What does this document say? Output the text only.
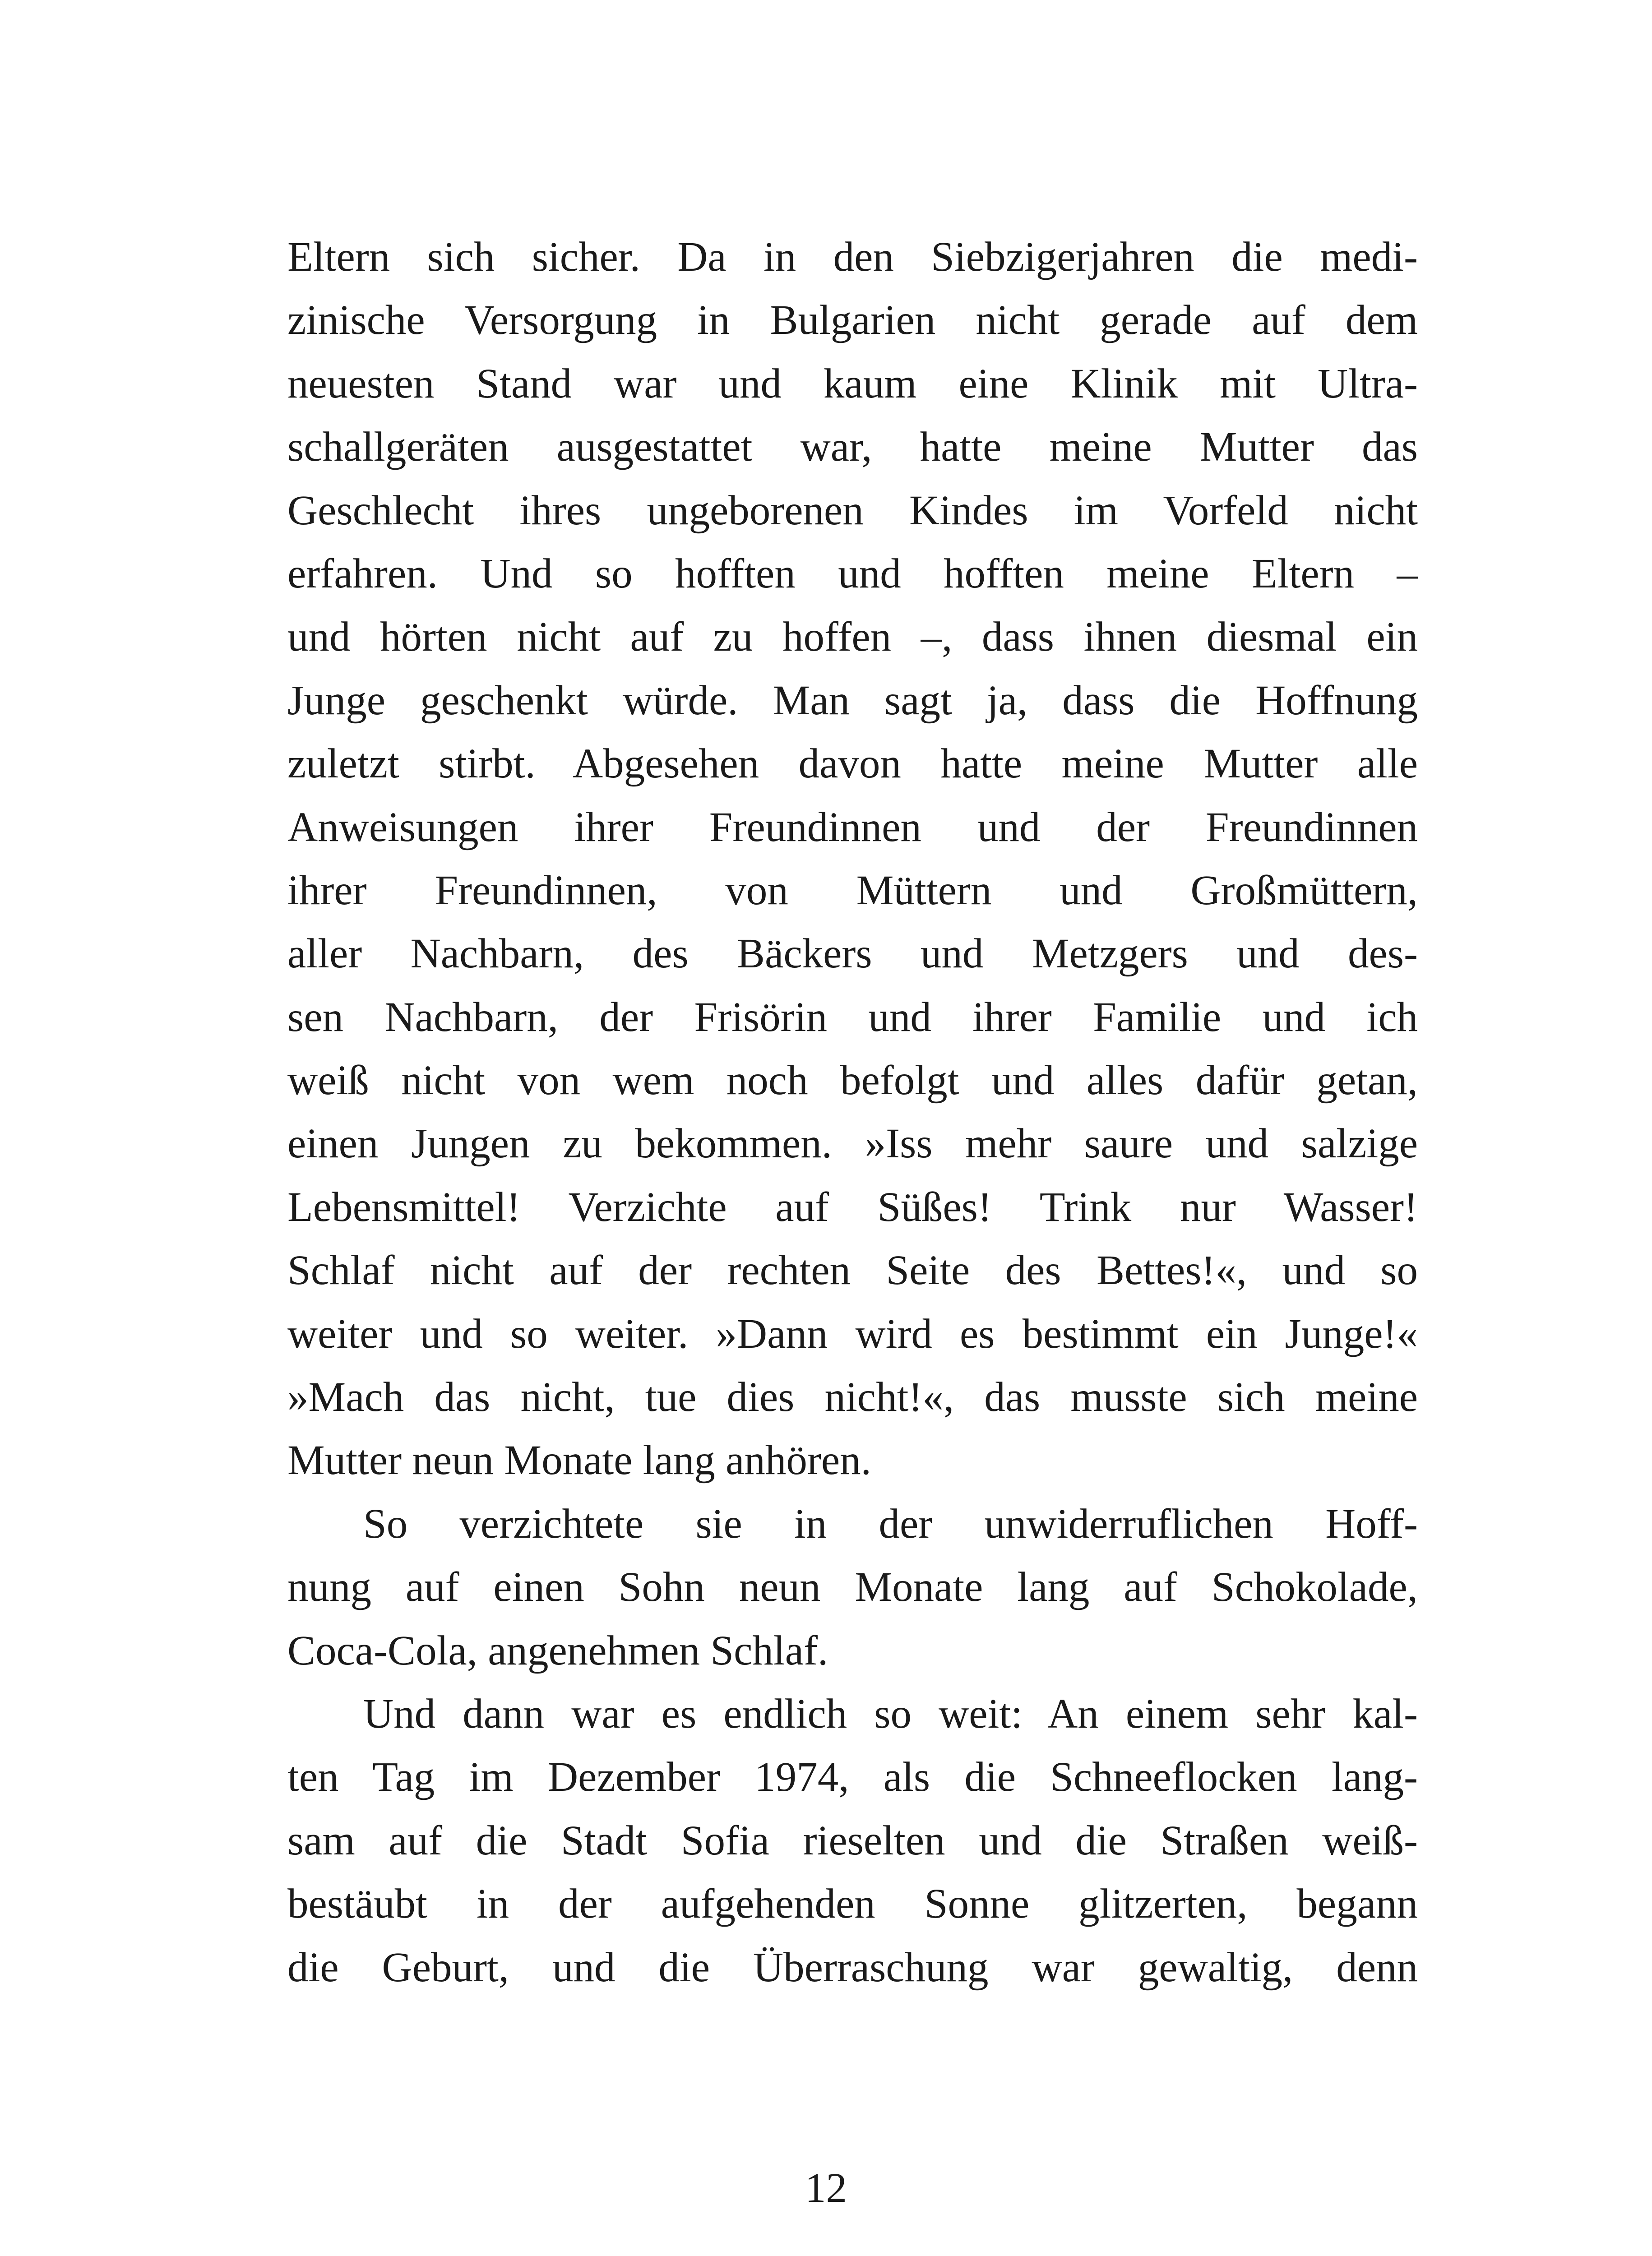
Eltern sich sicher. Da in den Siebzigerjahren die medi-
zinische Versorgung in Bulgarien nicht gerade auf dem
neuesten Stand war und kaum eine Klinik mit Ultra-
schallgeräten ausgestattet war, hatte meine Mutter das
Geschlecht ihres ungeborenen Kindes im Vorfeld nicht
erfahren. Und so hofften und hofften meine Eltern –
und hörten nicht auf zu hoffen –, dass ihnen diesmal ein
Junge geschenkt würde. Man sagt ja, dass die Hoffnung
zuletzt stirbt. Abgesehen davon hatte meine Mutter alle
Anweisungen ihrer Freundinnen und der Freundinnen
ihrer Freundinnen, von Müttern und Großmüttern,
aller Nachbarn, des Bäckers und Metzgers und des-
sen Nachbarn, der Frisörin und ihrer Familie und ich
weiß nicht von wem noch befolgt und alles dafür getan,
einen Jungen zu bekommen. »Iss mehr saure und salzige
Lebensmittel! Verzichte auf Süßes! Trink nur Wasser!
Schlaf nicht auf der rechten Seite des Bettes!«, und so
weiter und so weiter. »Dann wird es bestimmt ein Junge!«
»Mach das nicht, tue dies nicht!«, das musste sich meine
Mutter neun Monate lang anhören.
So verzichtete sie in der unwiderruflichen Hoff-
nung auf einen Sohn neun Monate lang auf Schokolade,
Coca-Cola, angenehmen Schlaf.
Und dann war es endlich so weit: An einem sehr kal-
ten Tag im Dezember 1974, als die Schneeflocken lang-
sam auf die Stadt Sofia rieselten und die Straßen weiß-
bestäubt in der aufgehenden Sonne glitzerten, begann
die Geburt, und die Überraschung war gewaltig, denn
12
